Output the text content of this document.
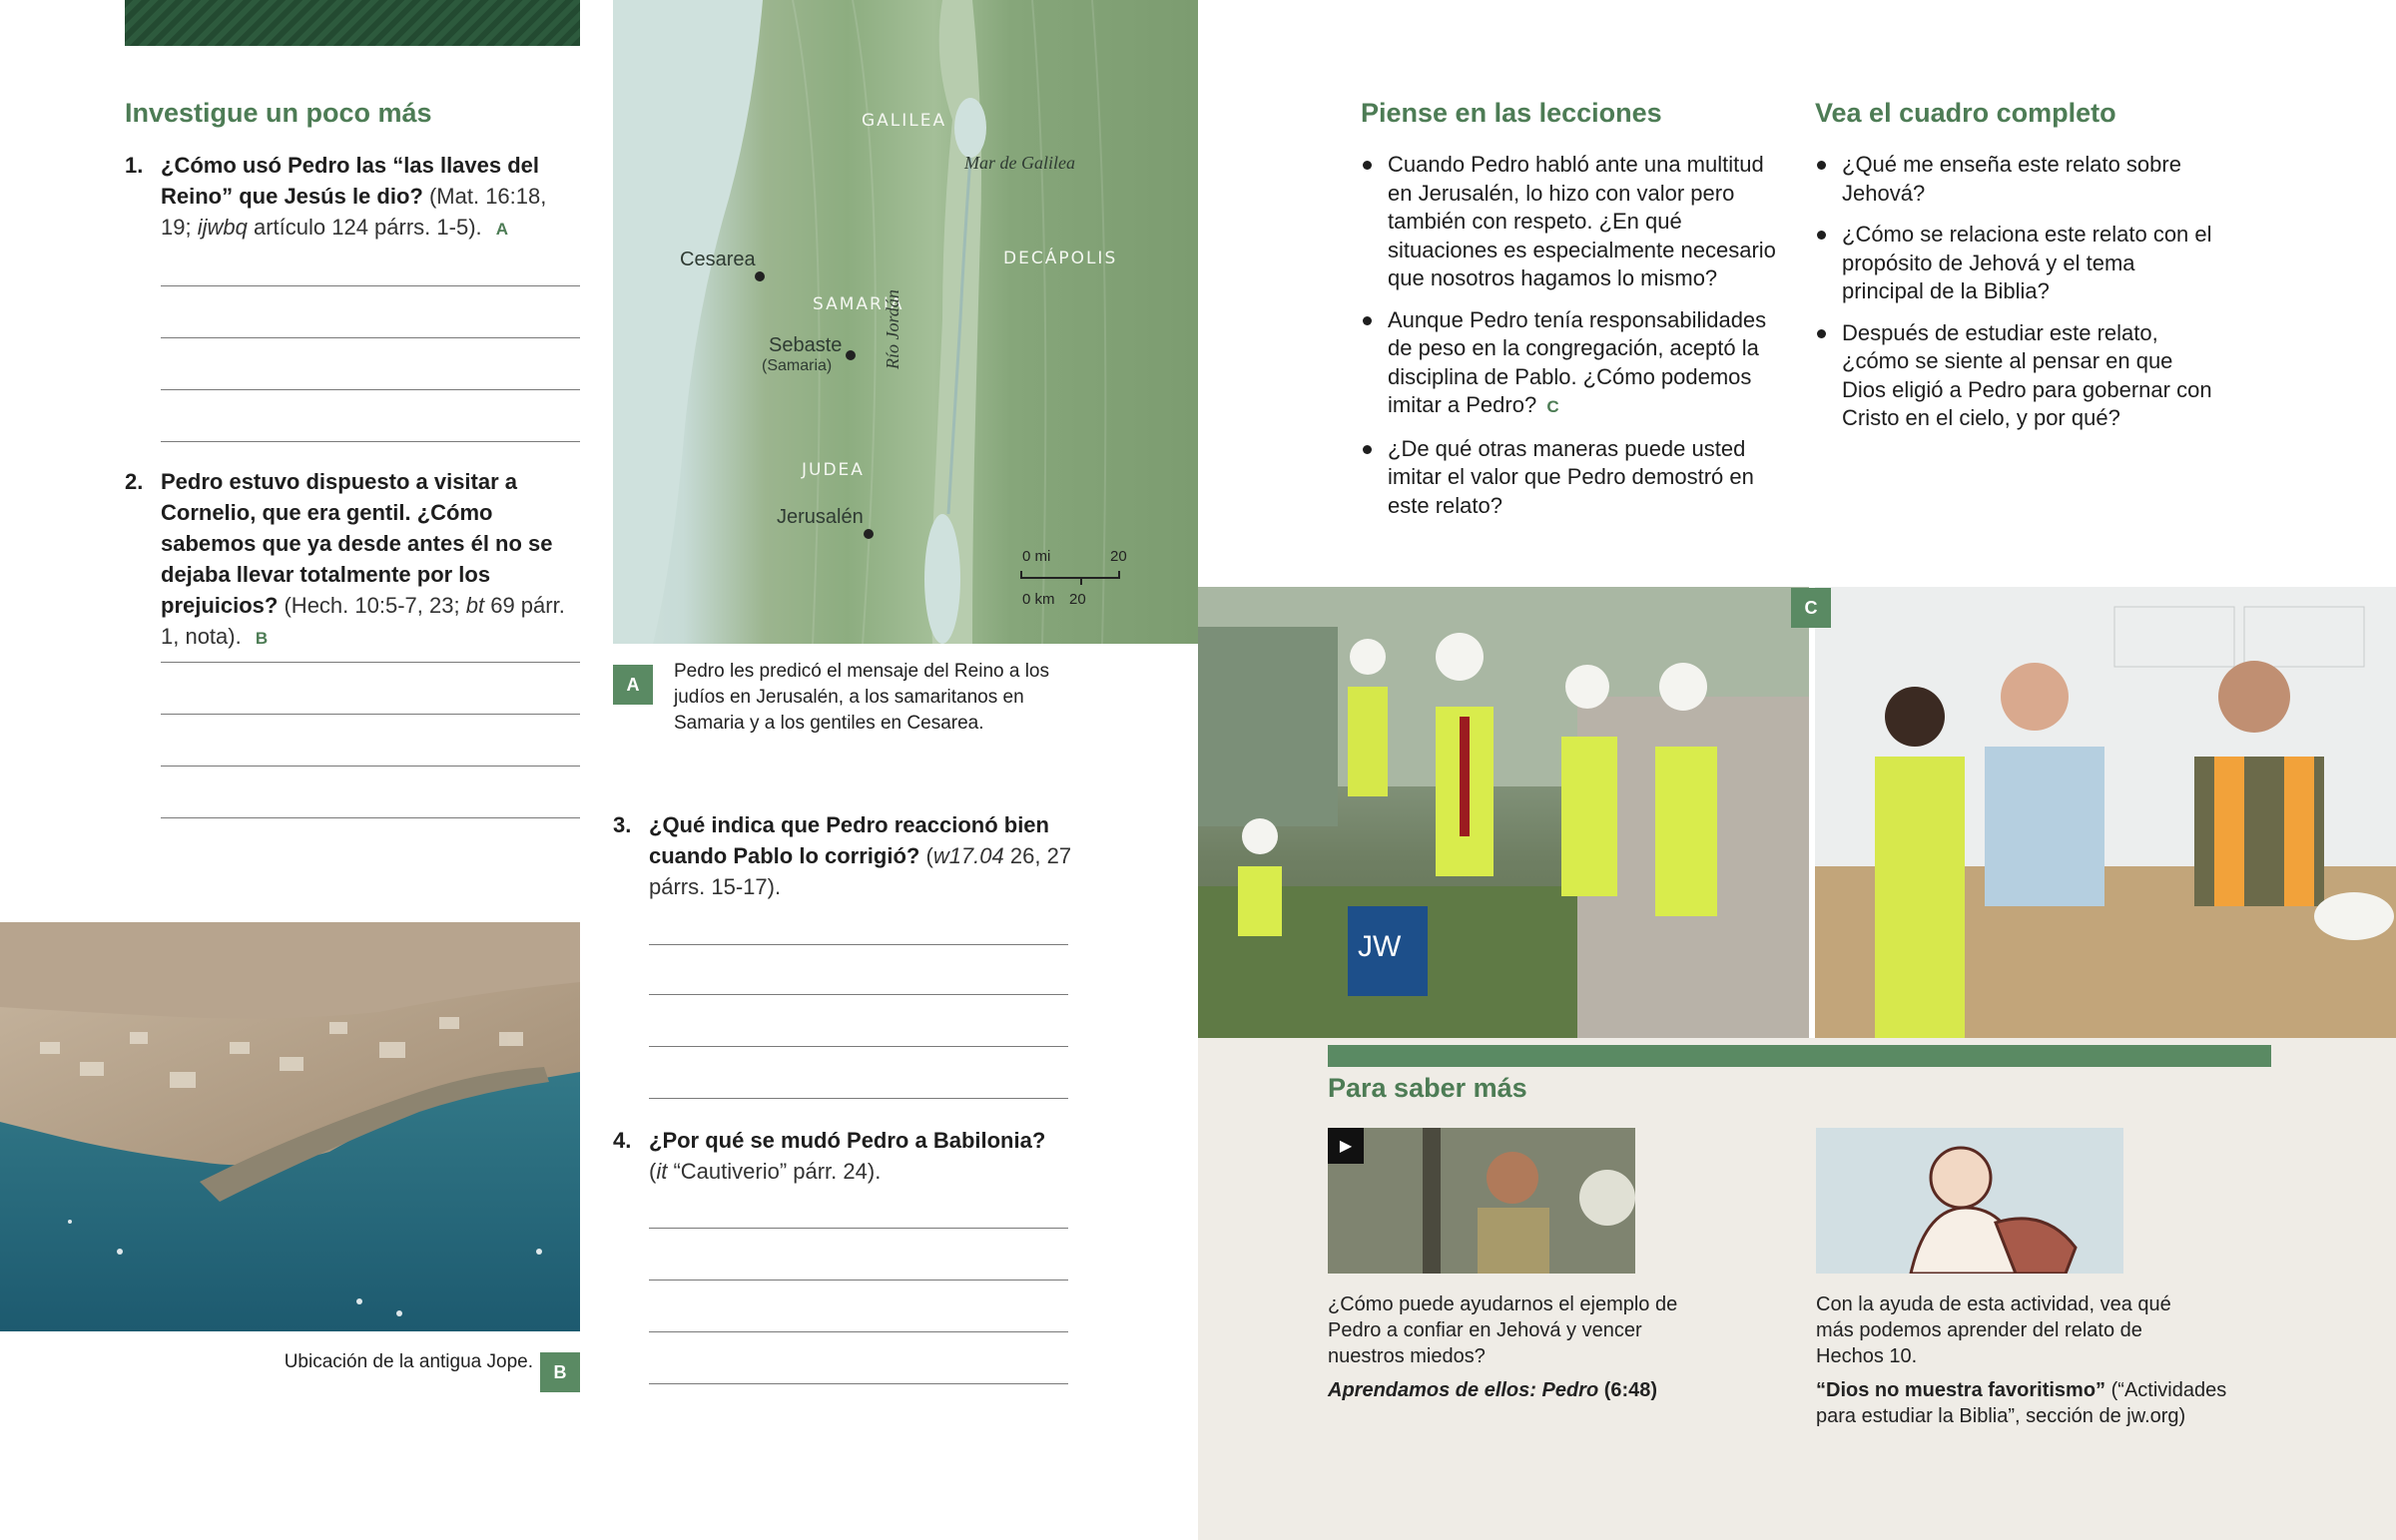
Investigue un poco más
1. ¿Cómo usó Pedro las “las llaves del Reino” que Jesús le dio? (Mat. 16:18, 19; ijwbq artículo 124 párrs. 1-5). A
2. Pedro estuvo dispuesto a visitar a Cornelio, que era gentil. ¿Cómo sabemos que ya desde antes él no se dejaba llevar totalmente por los prejuicios? (Hech. 10:5-7, 23; bt 69 párr. 1, nota). B
Ubicación de la antigua Jope.	B
GALILEA
Mar de Galilea
Cesarea	DECÁPOLIS
SAMARIA
Sebaste
(Samaria)	Río Jordán
JUDEA
Jerusalén
0 mi	20
0 km 20
A
Pedro les predicó el mensaje del Reino a los judíos en Jerusalén, a los samaritanos en Samaria y a los gentiles en Cesarea.
3. ¿Qué indica que Pedro reaccionó bien cuando Pablo lo corrigió? (w17.04 26, 27 párrs. 15-17).
4. ¿Por qué se mudó Pedro a Babilonia?
(it “Cautiverio” párr. 24).
Piense en las lecciones
Cuando Pedro habló ante una multitud en Jerusalén, lo hizo con valor pero también con respeto. ¿En qué situaciones es especialmente necesario que nosotros hagamos lo mismo?
Aunque Pedro tenía responsabilidades de peso en la congregación, aceptó la disciplina de Pablo. ¿Cómo podemos imitar a Pedro? C
¿De qué otras maneras puede usted imitar el valor que Pedro demostró en este relato?
Vea el cuadro completo
¿Qué me enseña este relato sobre Jehová?
¿Cómo se relaciona este relato con el propósito de Jehová y el tema principal de la Biblia?
Después de estudiar este relato, ¿cómo se siente al pensar en que Dios eligió a Pedro para gobernar con Cristo en el cielo, y por qué?
JW
C
Para saber más
▶
¿Cómo puede ayudarnos el ejemplo de Pedro a confiar en Jehová y vencer nuestros miedos?
Aprendamos de ellos: Pedro (6:48)
Con la ayuda de esta actividad, vea qué más podemos aprender del relato de Hechos 10.
“Dios no muestra favoritismo” (“Actividades para estudiar la Biblia”, sección de jw.org)
